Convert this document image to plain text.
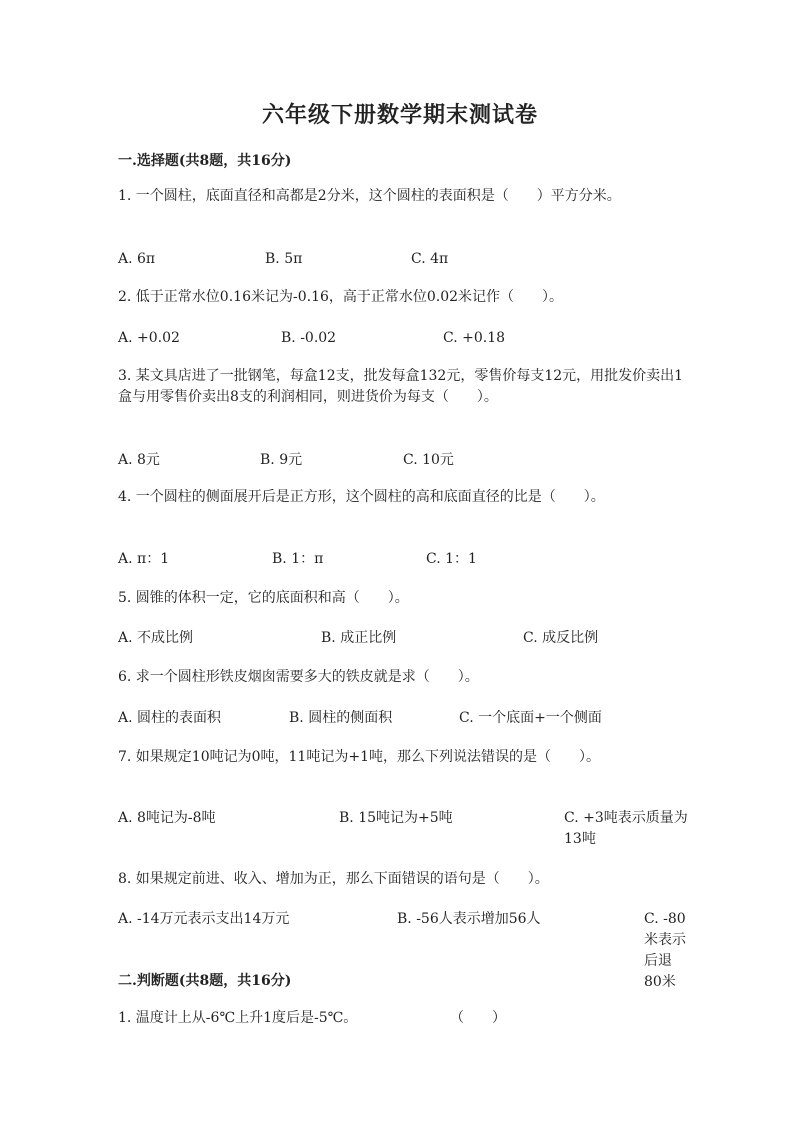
六年级下册数学期末测试卷
一.选择题(共8题，共16分)
1. 一个圆柱，底面直径和高都是2分米，这个圆柱的表面积是（　　）平方分米。
A. 6π	B. 5π	C. 4π
2. 低于正常水位0.16米记为-0.16，高于正常水位0.02米记作（　　）。
A. +0.02	B. -0.02	C. +0.18
3. 某文具店进了一批钢笔，每盒12支，批发每盒132元，零售价每支12元，用批发价卖出1盒与用零售价卖出8支的利润相同，则进货价为每支（　　）。
A. 8元	B. 9元	C. 10元
4. 一个圆柱的侧面展开后是正方形，这个圆柱的高和底面直径的比是（　　）。
A. π：1	B. 1：π	C. 1：1
5. 圆锥的体积一定，它的底面积和高（　　）。
A. 不成比例	B. 成正比例	C. 成反比例
6. 求一个圆柱形铁皮烟囱需要多大的铁皮就是求（　　）。
A. 圆柱的表面积	B. 圆柱的侧面积	C. 一个底面+一个侧面
7. 如果规定10吨记为0吨，11吨记为+1吨，那么下列说法错误的是（　　）。
A. 8吨记为-8吨	B. 15吨记为+5吨	C. +3吨表示质量为13吨
8. 如果规定前进、收入、增加为正，那么下面错误的语句是（　　）。
A. -14万元表示支出14万元	B. -56人表示增加56人	C. -80米表示后退80米
二.判断题(共8题，共16分)
1. 温度计上从-6℃上升1度后是-5℃。	（　　）
